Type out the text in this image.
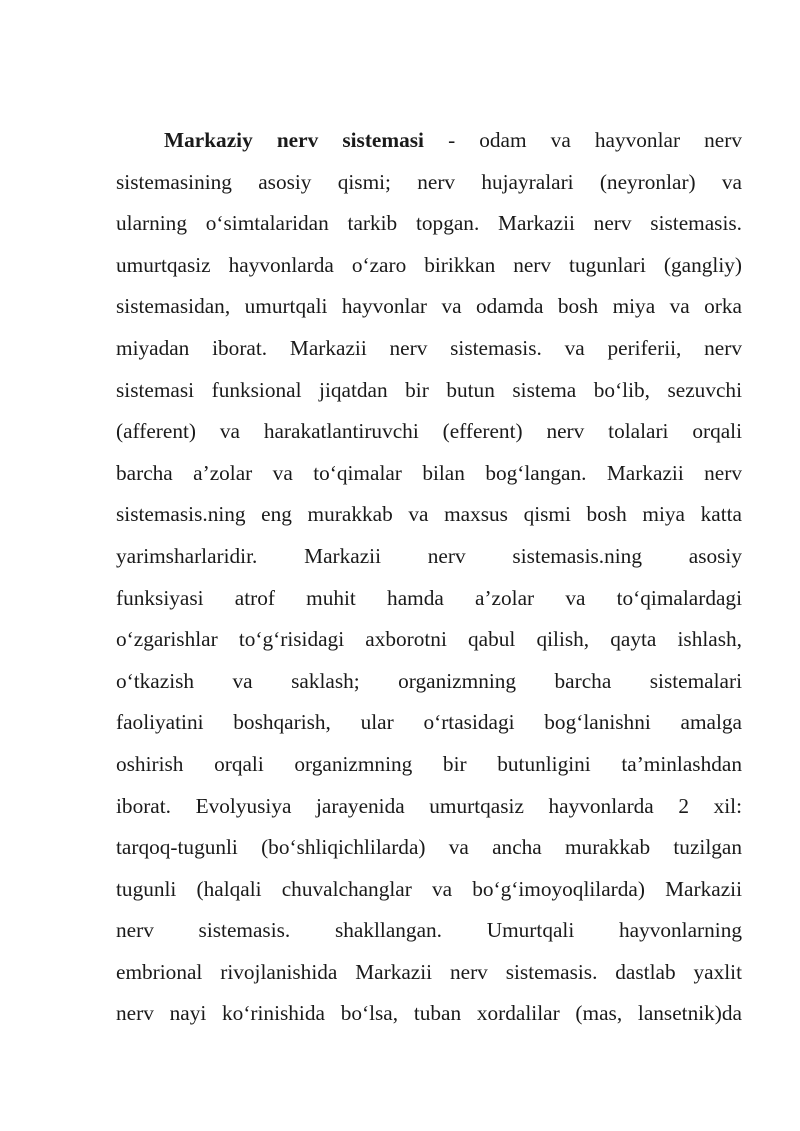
Markaziy nerv sistemasi - odam va hayvonlar nerv
sistemasining asosiy qismi; nerv hujayralari (neyronlar) va
ularning o‘simtalaridan tarkib topgan. Markazii nerv sistemasis.
umurtqasiz hayvonlarda o‘zaro birikkan nerv tugunlari (gangliy)
sistemasidan, umurtqali hayvonlar va odamda bosh miya va orka
miyadan iborat. Markazii nerv sistemasis. va periferii, nerv
sistemasi funksional jiqatdan bir butun sistema bo‘lib, sezuvchi
(afferent) va harakatlantiruvchi (efferent) nerv tolalari orqali
barcha a’zolar va to‘qimalar bilan bog‘langan. Markazii nerv
sistemasis.ning eng murakkab va maxsus qismi bosh miya katta
yarimsharlaridir. Markazii nerv sistemasis.ning asosiy
funksiyasi atrof muhit hamda a’zolar va to‘qimalardagi
o‘zgarishlar to‘g‘risidagi axborotni qabul qilish, qayta ishlash,
o‘tkazish va saklash; organizmning barcha sistemalari
faoliyatini boshqarish, ular o‘rtasidagi bog‘lanishni amalga
oshirish orqali organizmning bir butunligini ta’minlashdan
iborat. Evolyusiya jarayenida umurtqasiz hayvonlarda 2 xil:
tarqoq-tugunli (bo‘shliqichlilarda) va ancha murakkab tuzilgan
tugunli (halqali chuvalchanglar va bo‘g‘imoyoqlilarda) Markazii
nerv sistemasis. shakllangan. Umurtqali hayvonlarning
embrional rivojlanishida Markazii nerv sistemasis. dastlab yaxlit
nerv nayi ko‘rinishida bo‘lsa, tuban xordalilar (mas, lansetnik)da
